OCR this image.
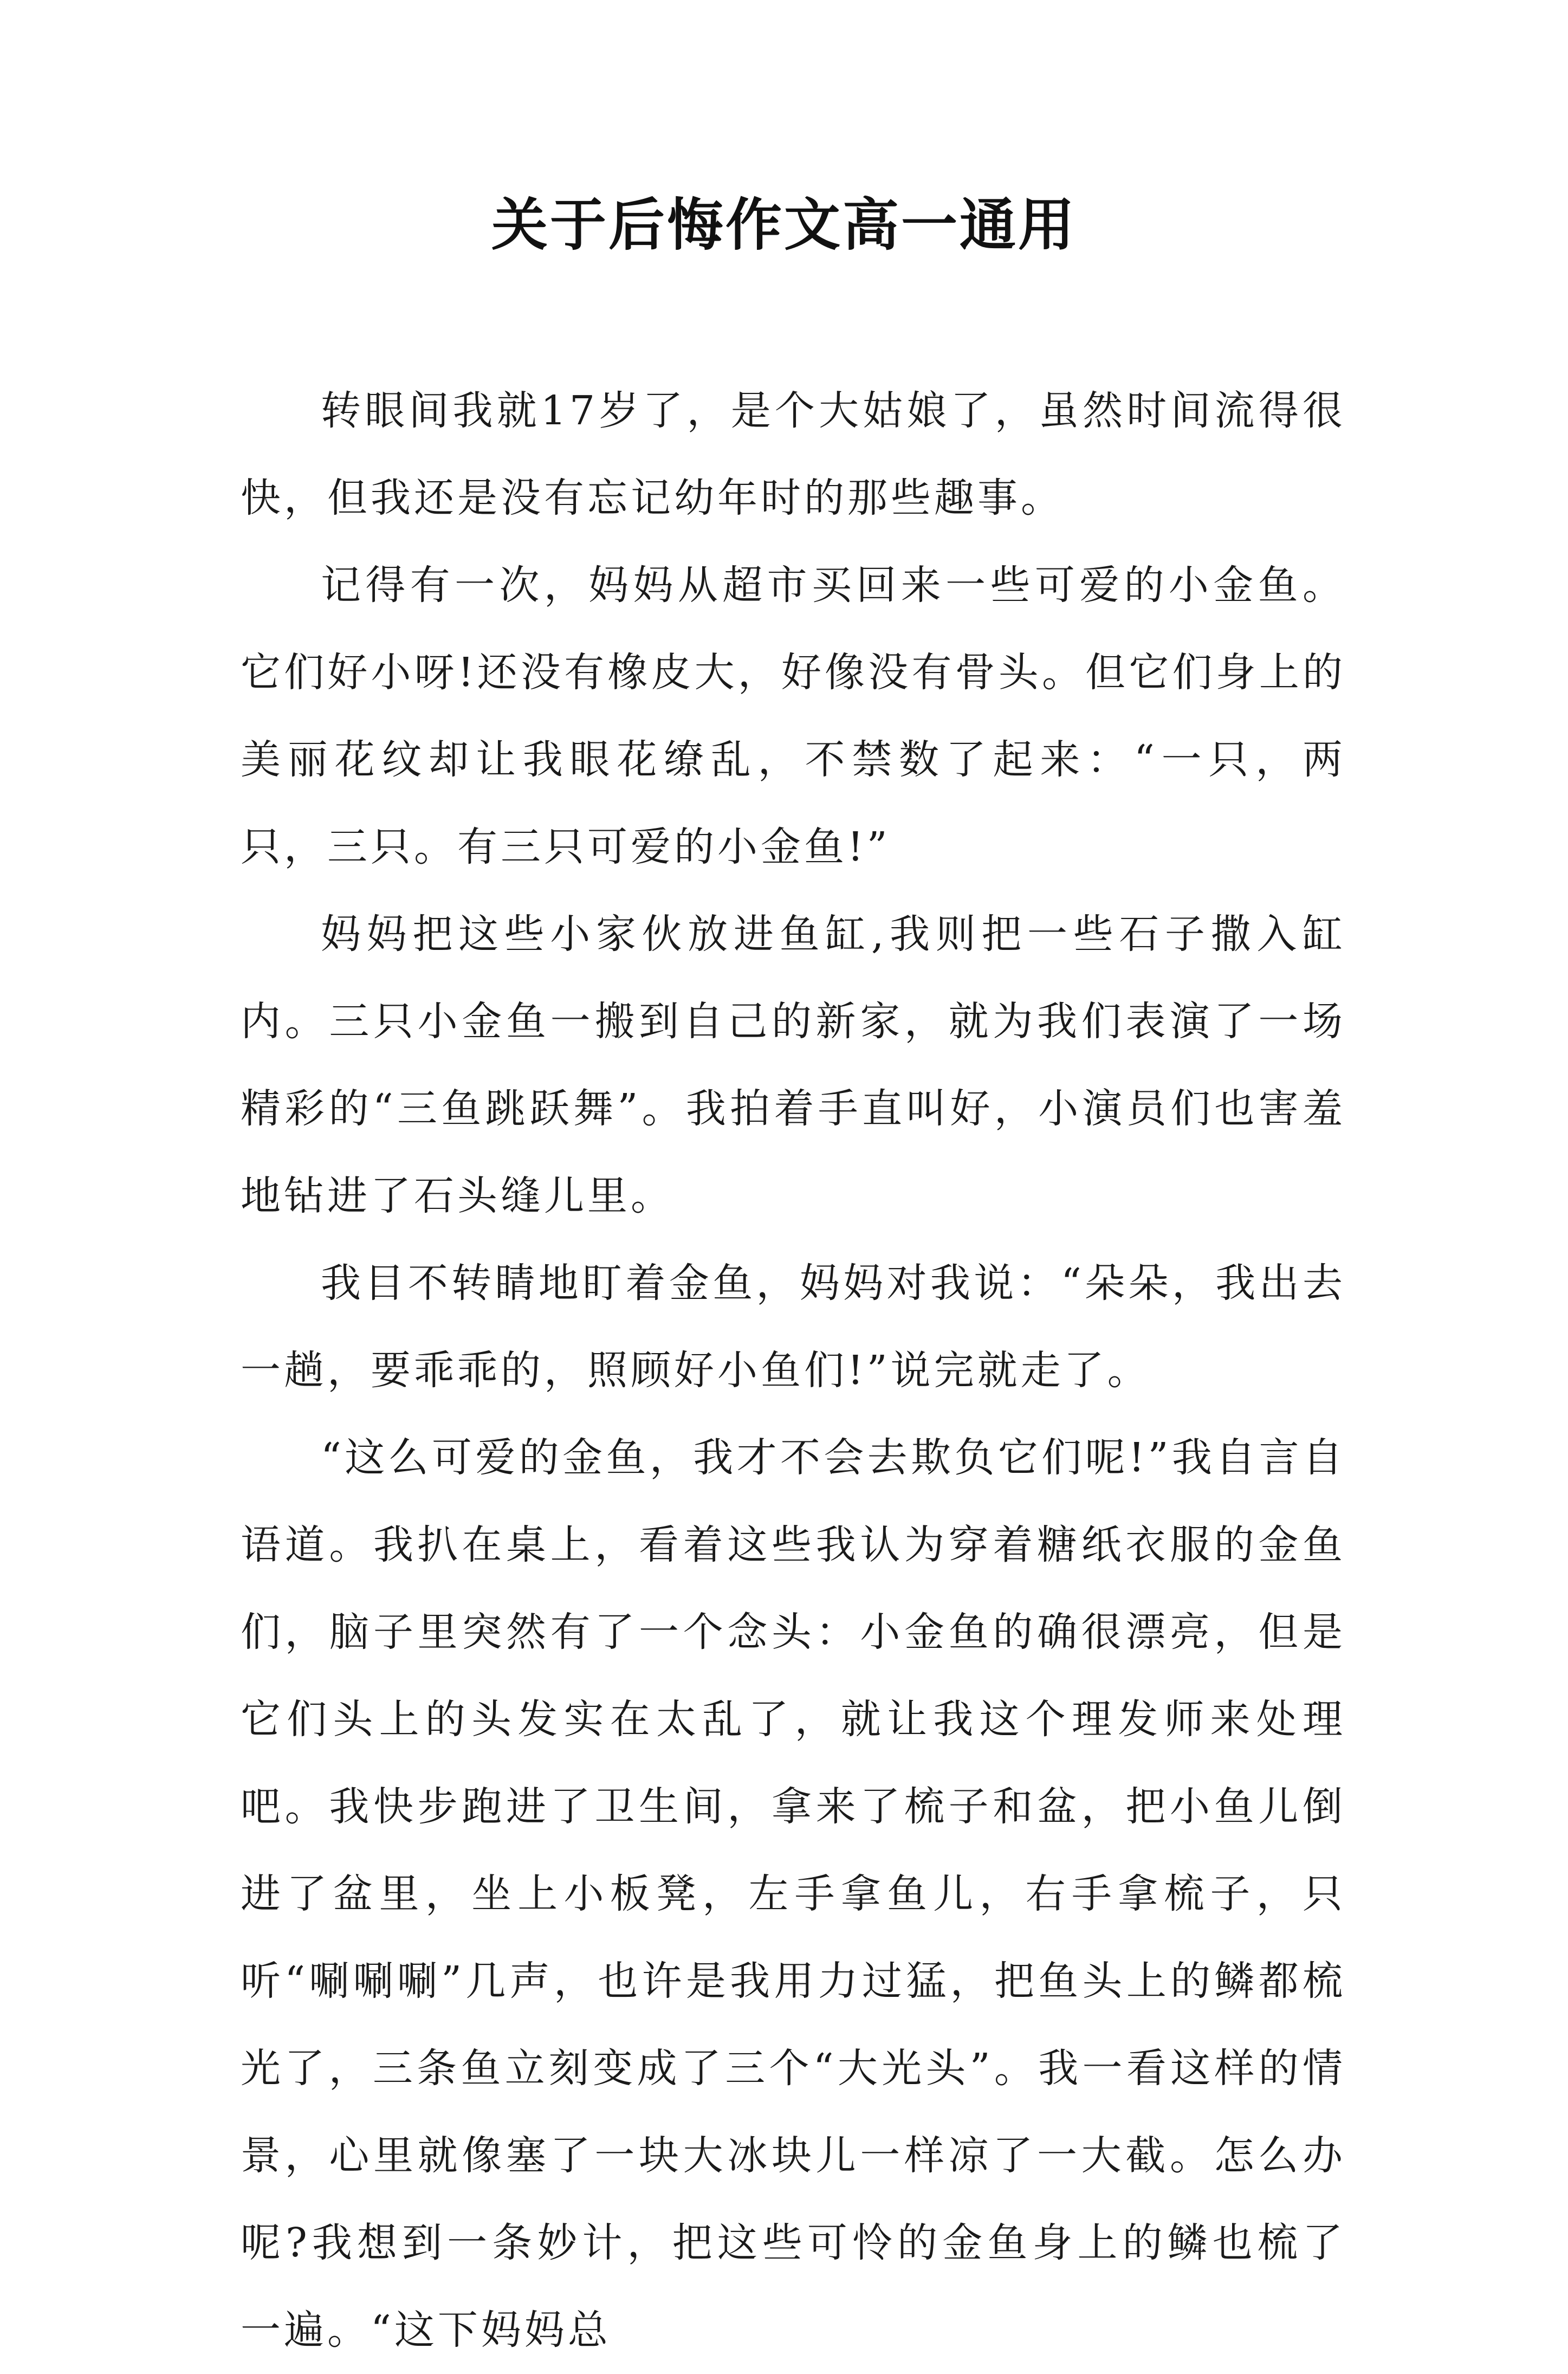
关于后悔作文高一通用

转眼间我就17岁了，是个大姑娘了，虽然时间流得很快，但我还是没有忘记幼年时的那些趣事。

记得有一次，妈妈从超市买回来一些可爱的小金鱼。它们好小呀!还没有橡皮大，好像没有骨头。但它们身上的美丽花纹却让我眼花缭乱，不禁数了起来：“一只，两只，三只。有三只可爱的小金鱼!”

妈妈把这些小家伙放进鱼缸,我则把一些石子撒入缸内。三只小金鱼一搬到自己的新家，就为我们表演了一场精彩的“三鱼跳跃舞”。我拍着手直叫好，小演员们也害羞地钻进了石头缝儿里。

我目不转睛地盯着金鱼，妈妈对我说：“朵朵，我出去一趟，要乖乖的，照顾好小鱼们!”说完就走了。

“这么可爱的金鱼，我才不会去欺负它们呢!”我自言自语道。我扒在桌上，看着这些我认为穿着糖纸衣服的金鱼们，脑子里突然有了一个念头：小金鱼的确很漂亮，但是它们头上的头发实在太乱了，就让我这个理发师来处理吧。我快步跑进了卫生间，拿来了梳子和盆，把小鱼儿倒进了盆里，坐上小板凳，左手拿鱼儿，右手拿梳子，只听“唰唰唰”几声，也许是我用力过猛，把鱼头上的鳞都梳光了，三条鱼立刻变成了三个“大光头”。我一看这样的情景，心里就像塞了一块大冰块儿一样凉了一大截。怎么办呢?我想到一条妙计，把这些可怜的金鱼身上的鳞也梳了一遍。“这下妈妈总
